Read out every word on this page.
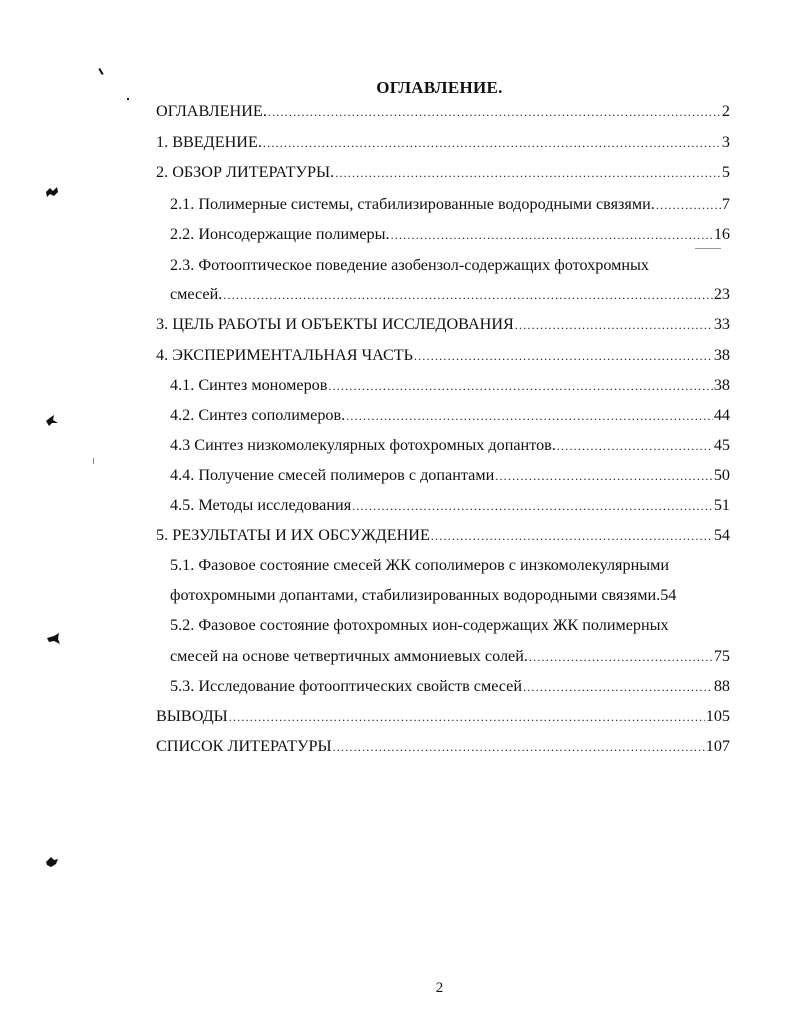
ОГЛАВЛЕНИЕ.
ОГЛАВЛЕНИЕ. .....	2
1. ВВЕДЕНИЕ. .....	3
2. ОБЗОР ЛИТЕРАТУРЫ. .....	5
2.1. Полимерные системы, стабилизированные водородными связями. .....	7
2.2. Ионсодержащие полимеры. .....	16
2.3. Фотооптическое поведение азобензол-содержащих фотохромных
смесей. .....	23
3. ЦЕЛЬ РАБОТЫ И ОБЪЕКТЫ ИССЛЕДОВАНИЯ .....	33
4. ЭКСПЕРИМЕНТАЛЬНАЯ ЧАСТЬ .....	38
4.1. Синтез мономеров .....	38
4.2. Синтез сополимеров. .....	44
4.3 Синтез низкомолекулярных фотохромных допантов. .....	45
4.4. Получение смесей полимеров с допантами .....	50
4.5. Методы исследования .....	51
5. РЕЗУЛЬТАТЫ И ИХ ОБСУЖДЕНИЕ .....	54
5.1. Фазовое состояние смесей ЖК сополимеров с инзкомолекулярными
фотохромными допантами, стабилизированных водородными связями. 54
5.2. Фазовое состояние фотохромных ион-содержащих ЖК полимерных
смесей на основе четвертичных аммониевых солей. .....	75
5.3. Исследование фотооптических свойств смесей .....	88
ВЫВОДЫ .....	105
СПИСОК ЛИТЕРАТУРЫ .....	107
2
